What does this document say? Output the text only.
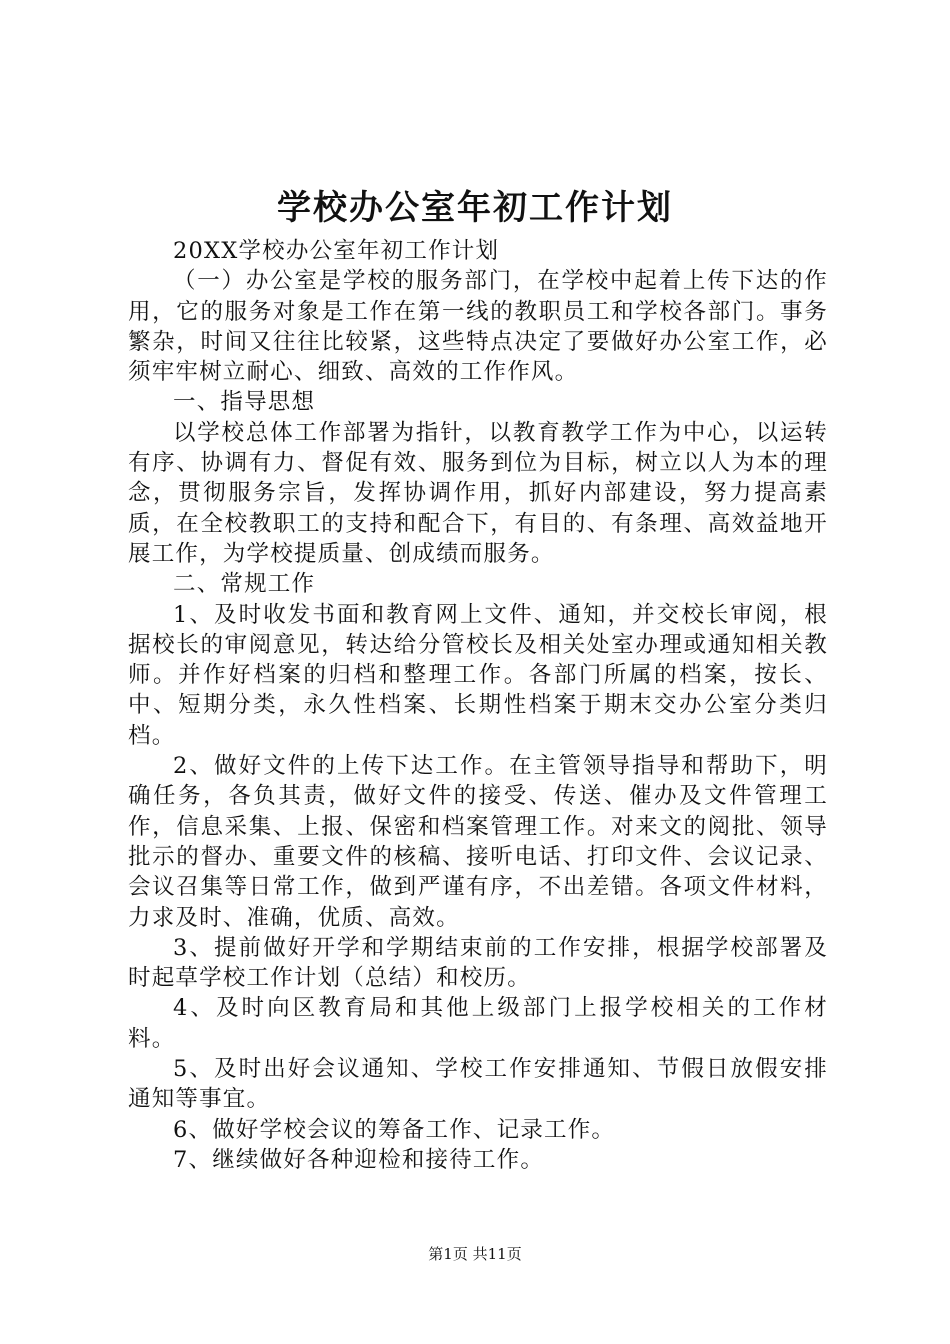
学校办公室年初工作计划

20XX学校办公室年初工作计划

（一）办公室是学校的服务部门，在学校中起着上传下达的作用，它的服务对象是工作在第一线的教职员工和学校各部门。事务繁杂，时间又往往比较紧，这些特点决定了要做好办公室工作，必须牢牢树立耐心、细致、高效的工作作风。

一、指导思想

以学校总体工作部署为指针，以教育教学工作为中心，以运转有序、协调有力、督促有效、服务到位为目标，树立以人为本的理念，贯彻服务宗旨，发挥协调作用，抓好内部建设，努力提高素质，在全校教职工的支持和配合下，有目的、有条理、高效益地开展工作，为学校提质量、创成绩而服务。

二、常规工作

1、及时收发书面和教育网上文件、通知，并交校长审阅，根据校长的审阅意见，转达给分管校长及相关处室办理或通知相关教师。并作好档案的归档和整理工作。各部门所属的档案，按长、中、短期分类，永久性档案、长期性档案于期末交办公室分类归档。

2、做好文件的上传下达工作。在主管领导指导和帮助下，明确任务，各负其责，做好文件的接受、传送、催办及文件管理工作，信息采集、上报、保密和档案管理工作。对来文的阅批、领导批示的督办、重要文件的核稿、接听电话、打印文件、会议记录、会议召集等日常工作，做到严谨有序，不出差错。各项文件材料，力求及时、准确，优质、高效。

3、提前做好开学和学期结束前的工作安排，根据学校部署及时起草学校工作计划（总结）和校历。

4、及时向区教育局和其他上级部门上报学校相关的工作材料。

5、及时出好会议通知、学校工作安排通知、节假日放假安排通知等事宜。

6、做好学校会议的筹备工作、记录工作。

7、继续做好各种迎检和接待工作。

第1页 共11页
